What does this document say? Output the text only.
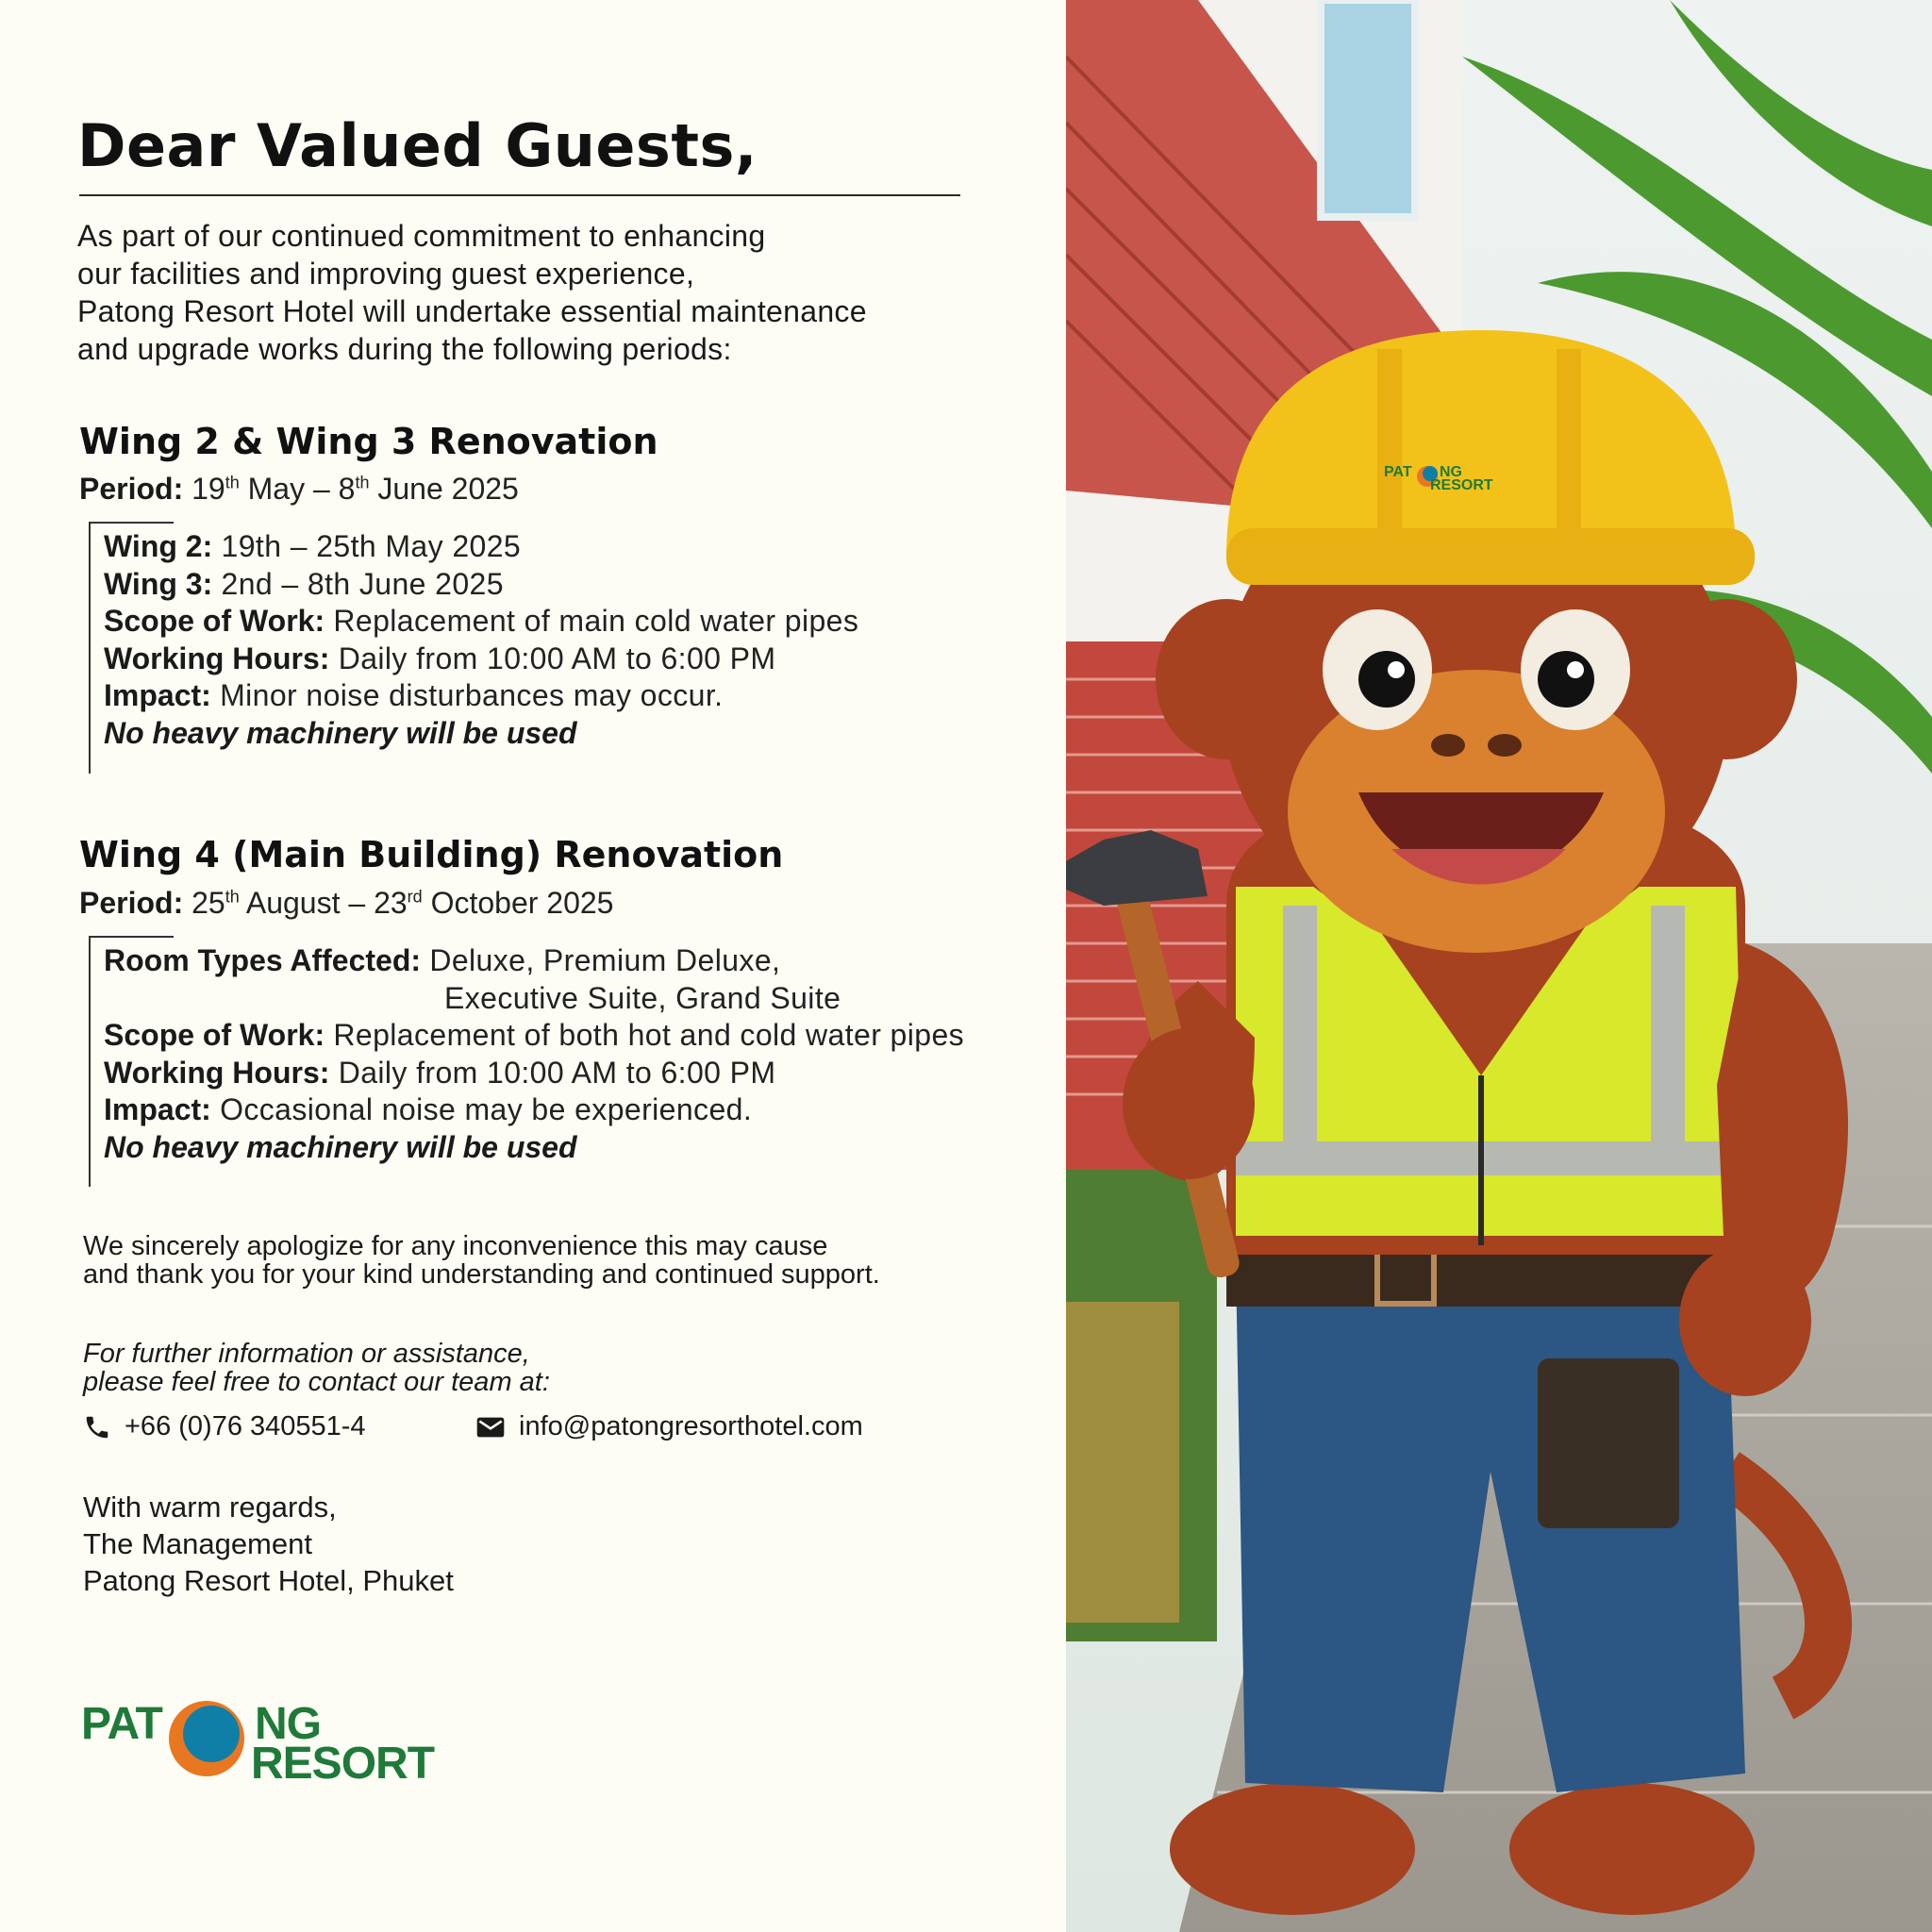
Dear Valued Guests,
As part of our continued commitment to enhancing
our facilities and improving guest experience,
Patong Resort Hotel will undertake essential maintenance
and upgrade works during the following periods:
Wing 2 & Wing 3 Renovation
Period: 19th May – 8th June 2025
Wing 2: 19th – 25th May 2025
Wing 3: 2nd – 8th June 2025
Scope of Work: Replacement of main cold water pipes
Working Hours: Daily from 10:00 AM to 6:00 PM
Impact: Minor noise disturbances may occur.
No heavy machinery will be used
Wing 4 (Main Building) Renovation
Period: 25th August – 23rd October 2025
Room Types Affected: Deluxe, Premium Deluxe,
Executive Suite, Grand Suite
Scope of Work: Replacement of both hot and cold water pipes
Working Hours: Daily from 10:00 AM to 6:00 PM
Impact: Occasional noise may be experienced.
No heavy machinery will be used
We sincerely apologize for any inconvenience this may cause
and thank you for your kind understanding and continued support.
For further information or assistance,
please feel free to contact our team at:
+66 (0)76 340551-4	info@patongresorthotel.com
With warm regards,
The Management
Patong Resort Hotel, Phuket
PAT NG
RESORT
PAT NG
RESORT
